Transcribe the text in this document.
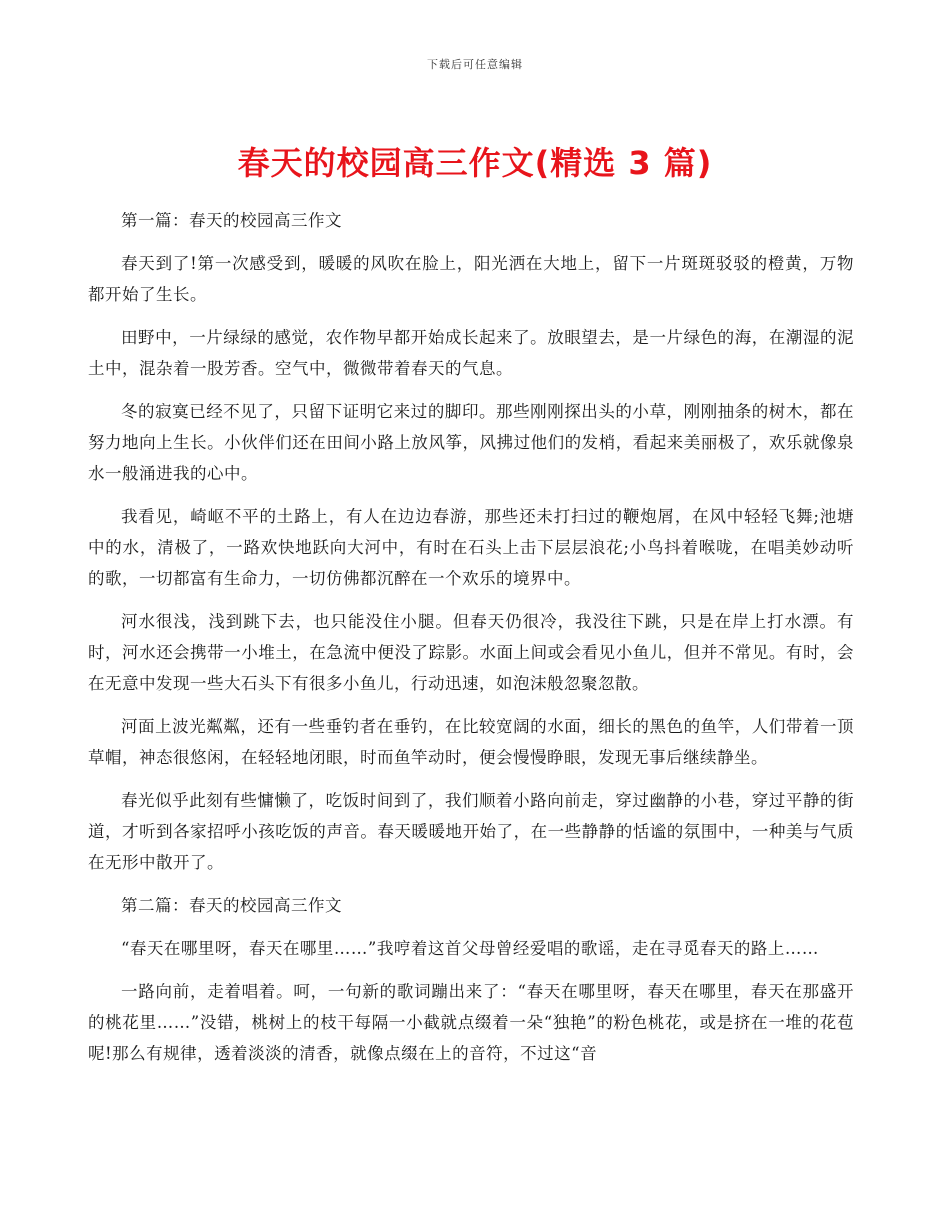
下载后可任意编辑
春天的校园高三作文(精选 3 篇)

第一篇：春天的校园高三作文

春天到了!第一次感受到，暖暖的风吹在脸上，阳光洒在大地上，留下一片斑斑驳驳的橙黄，万物都开始了生长。

田野中，一片绿绿的感觉，农作物早都开始成长起来了。放眼望去，是一片绿色的海，在潮湿的泥土中，混杂着一股芳香。空气中，微微带着春天的气息。

冬的寂寞已经不见了，只留下证明它来过的脚印。那些刚刚探出头的小草，刚刚抽条的树木，都在努力地向上生长。小伙伴们还在田间小路上放风筝，风拂过他们的发梢，看起来美丽极了，欢乐就像泉水一般涌进我的心中。

我看见，崎岖不平的土路上，有人在边边春游，那些还未打扫过的鞭炮屑，在风中轻轻飞舞;池塘中的水，清极了，一路欢快地跃向大河中，有时在石头上击下层层浪花;小鸟抖着喉咙，在唱美妙动听的歌，一切都富有生命力，一切仿佛都沉醉在一个欢乐的境界中。

河水很浅，浅到跳下去，也只能没住小腿。但春天仍很冷，我没往下跳，只是在岸上打水漂。有时，河水还会携带一小堆土，在急流中便没了踪影。水面上间或会看见小鱼儿，但并不常见。有时，会在无意中发现一些大石头下有很多小鱼儿，行动迅速，如泡沫般忽聚忽散。

河面上波光粼粼，还有一些垂钓者在垂钓，在比较宽阔的水面，细长的黑色的鱼竿，人们带着一顶草帽，神态很悠闲，在轻轻地闭眼，时而鱼竿动时，便会慢慢睁眼，发现无事后继续静坐。

春光似乎此刻有些慵懒了，吃饭时间到了，我们顺着小路向前走，穿过幽静的小巷，穿过平静的街道，才听到各家招呼小孩吃饭的声音。春天暖暖地开始了，在一些静静的恬谧的氛围中，一种美与气质在无形中散开了。

第二篇：春天的校园高三作文

“春天在哪里呀，春天在哪里……”我哼着这首父母曾经爱唱的歌谣，走在寻觅春天的路上……

一路向前，走着唱着。呵，一句新的歌词蹦出来了：“春天在哪里呀，春天在哪里，春天在那盛开的桃花里……”没错，桃树上的枝干每隔一小截就点缀着一朵“独艳”的粉色桃花，或是挤在一堆的花苞呢!那么有规律，透着淡淡的清香，就像点缀在上的音符，不过这“音
